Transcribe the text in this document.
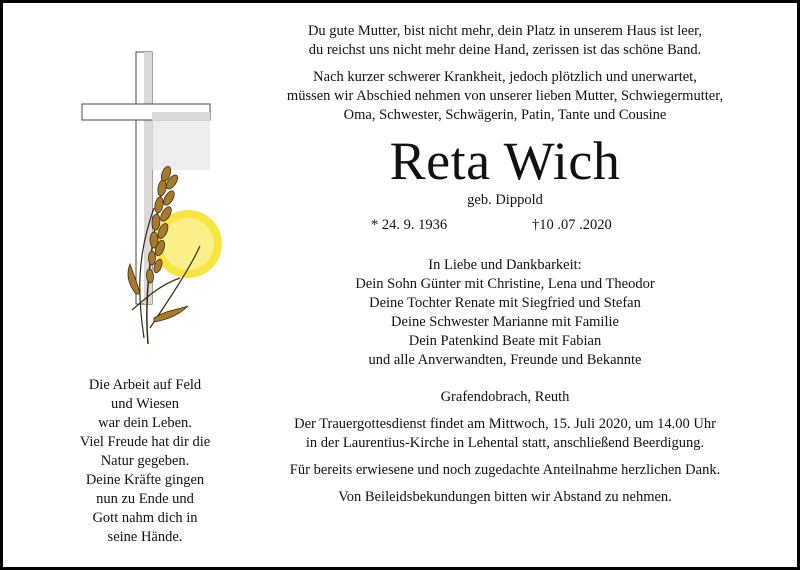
Die Arbeit auf Feld
und Wiesen
war dein Leben.
Viel Freude hat dir die
Natur gegeben.
Deine Kräfte gingen
nun zu Ende und
Gott nahm dich in
seine Hände.
Du gute Mutter, bist nicht mehr, dein Platz in unserem Haus ist leer,
du reichst uns nicht mehr deine Hand, zerissen ist das schöne Band.
Nach kurzer schwerer Krankheit, jedoch plötzlich und unerwartet,
müssen wir Abschied nehmen von unserer lieben Mutter, Schwiegermutter,
Oma, Schwester, Schwägerin, Patin, Tante und Cousine
Reta Wich
geb. Dippold
* 24. 9. 1936	†10 .07 .2020
In Liebe und Dankbarkeit:
Dein Sohn Günter mit Christine, Lena und Theodor
Deine Tochter Renate mit Siegfried und Stefan
Deine Schwester Marianne mit Familie
Dein Patenkind Beate mit Fabian
und alle Anverwandten, Freunde und Bekannte
Grafendobrach, Reuth
Der Trauergottesdienst findet am Mittwoch, 15. Juli 2020, um 14.00 Uhr
in der Laurentius-Kirche in Lehental statt, anschließend Beerdigung.
Für bereits erwiesene und noch zugedachte Anteilnahme herzlichen Dank.
Von Beileidsbekundungen bitten wir Abstand zu nehmen.
